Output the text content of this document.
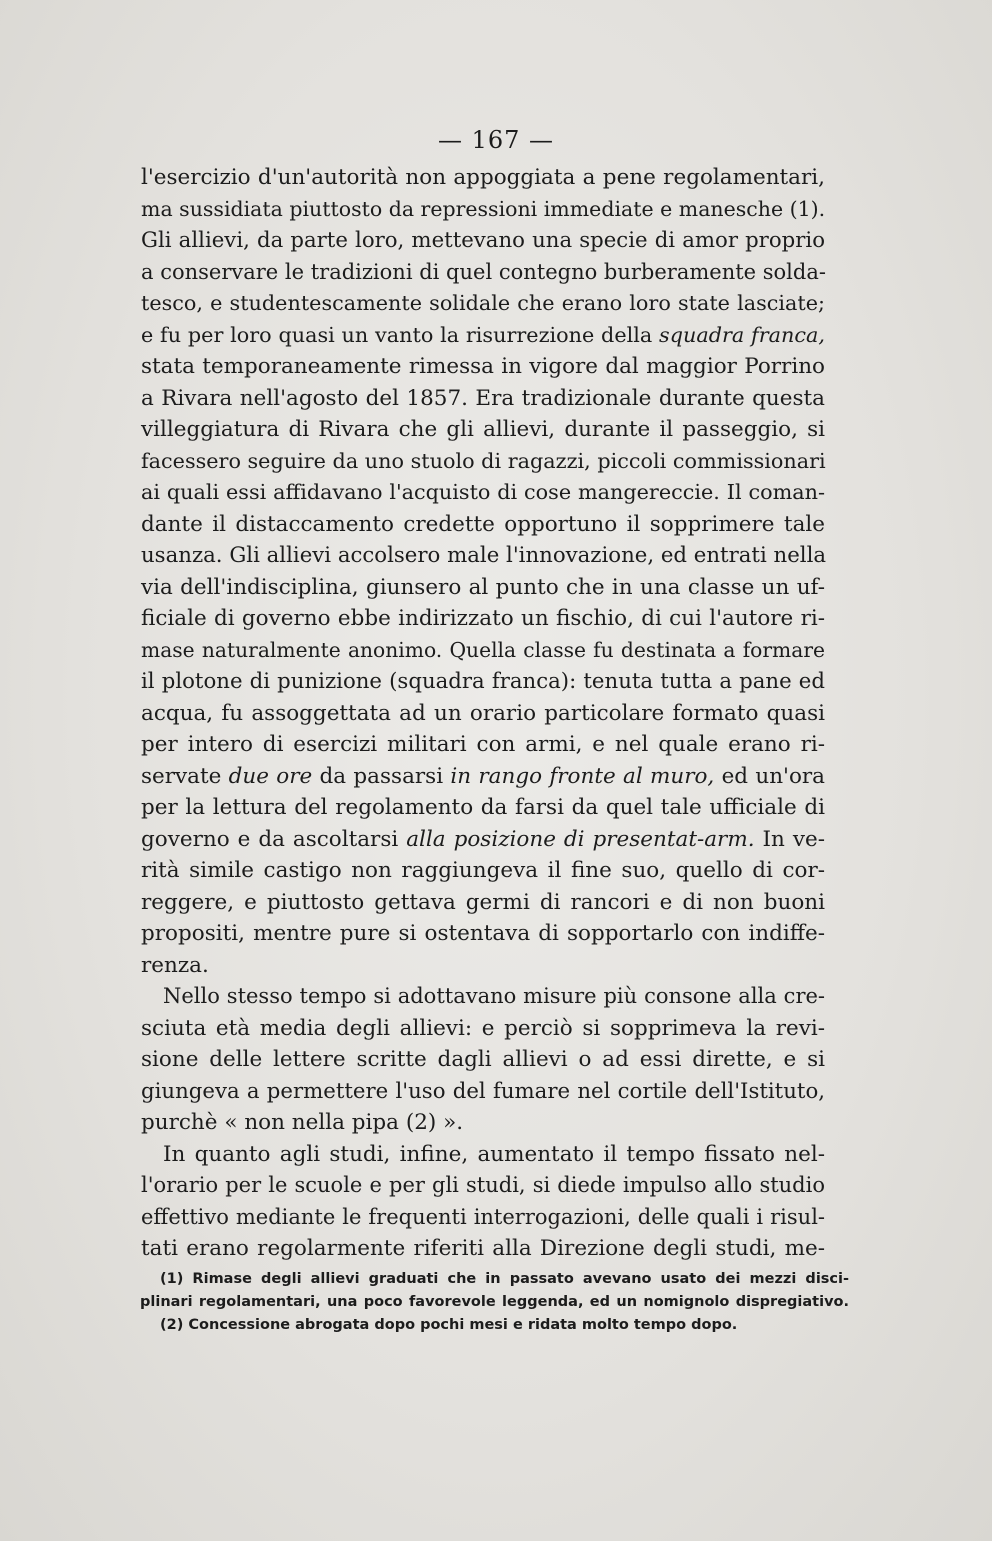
— 167 —
l'esercizio d'un'autorità non appoggiata a pene regolamentari,
ma sussidiata piuttosto da repressioni immediate e manesche (1).
Gli allievi, da parte loro, mettevano una specie di amor proprio
a conservare le tradizioni di quel contegno burberamente solda-
tesco, e studentescamente solidale che erano loro state lasciate;
e fu per loro quasi un vanto la risurrezione della squadra franca,
stata temporaneamente rimessa in vigore dal maggior Porrino
a Rivara nell'agosto del 1857. Era tradizionale durante questa
villeggiatura di Rivara che gli allievi, durante il passeggio, si
facessero seguire da uno stuolo di ragazzi, piccoli commissionari
ai quali essi affidavano l'acquisto di cose mangereccie. Il coman-
dante il distaccamento credette opportuno il sopprimere tale
usanza. Gli allievi accolsero male l'innovazione, ed entrati nella
via dell'indisciplina, giunsero al punto che in una classe un uf-
ficiale di governo ebbe indirizzato un fischio, di cui l'autore ri-
mase naturalmente anonimo. Quella classe fu destinata a formare
il plotone di punizione (squadra franca): tenuta tutta a pane ed
acqua, fu assoggettata ad un orario particolare formato quasi
per intero di esercizi militari con armi, e nel quale erano ri-
servate due ore da passarsi in rango fronte al muro, ed un'ora
per la lettura del regolamento da farsi da quel tale ufficiale di
governo e da ascoltarsi alla posizione di presentat-arm. In ve-
rità simile castigo non raggiungeva il fine suo, quello di cor-
reggere, e piuttosto gettava germi di rancori e di non buoni
propositi, mentre pure si ostentava di sopportarlo con indiffe-
renza.
Nello stesso tempo si adottavano misure più consone alla cre-
sciuta età media degli allievi: e perciò si sopprimeva la revi-
sione delle lettere scritte dagli allievi o ad essi dirette, e si
giungeva a permettere l'uso del fumare nel cortile dell'Istituto,
purchè « non nella pipa (2) ».
In quanto agli studi, infine, aumentato il tempo fissato nel-
l'orario per le scuole e per gli studi, si diede impulso allo studio
effettivo mediante le frequenti interrogazioni, delle quali i risul-
tati erano regolarmente riferiti alla Direzione degli studi, me-
(1) Rimase degli allievi graduati che in passato avevano usato dei mezzi disci-
plinari regolamentari, una poco favorevole leggenda, ed un nomignolo dispregiativo.
(2) Concessione abrogata dopo pochi mesi e ridata molto tempo dopo.
